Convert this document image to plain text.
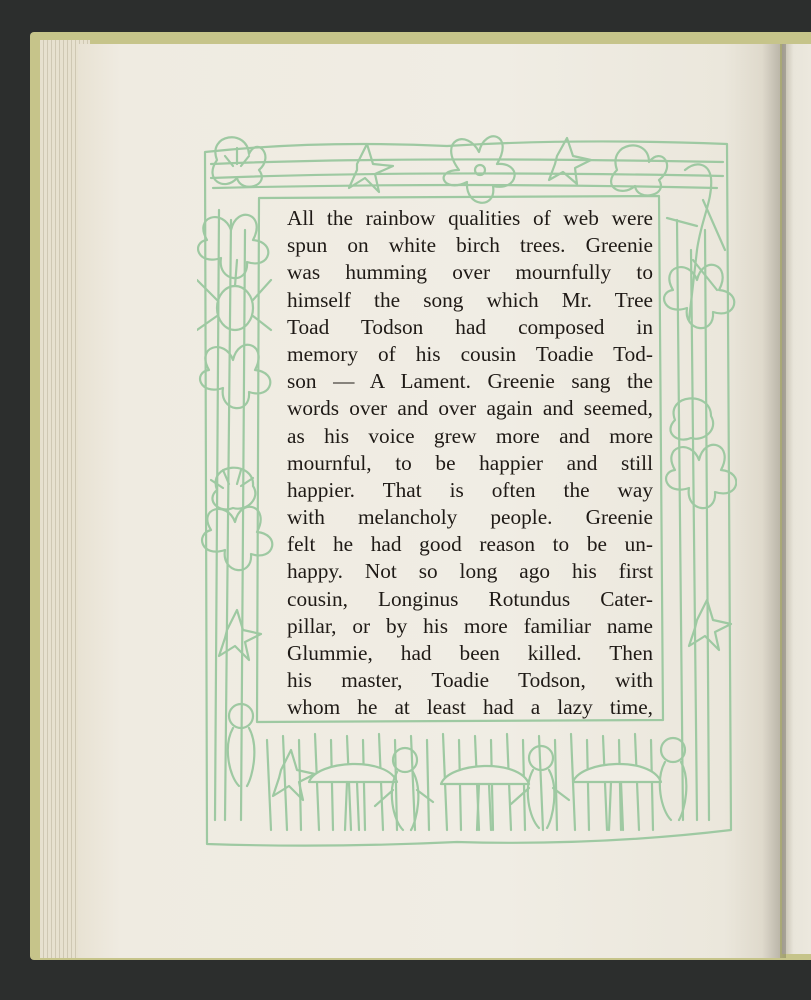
All the rainbow qualities of web were
spun on white birch trees. Greenie
was humming over mournfully to
himself the song which Mr. Tree
Toad Todson had composed in
memory of his cousin Toadie Tod-
son — A Lament. Greenie sang the
words over and over again and seemed,
as his voice grew more and more
mournful, to be happier and still
happier. That is often the way
with melancholy people. Greenie
felt he had good reason to be un-
happy. Not so long ago his first
cousin, Longinus Rotundus Cater-
pillar, or by his more familiar name
Glummie, had been killed. Then
his master, Toadie Todson, with
whom he at least had a lazy time,
